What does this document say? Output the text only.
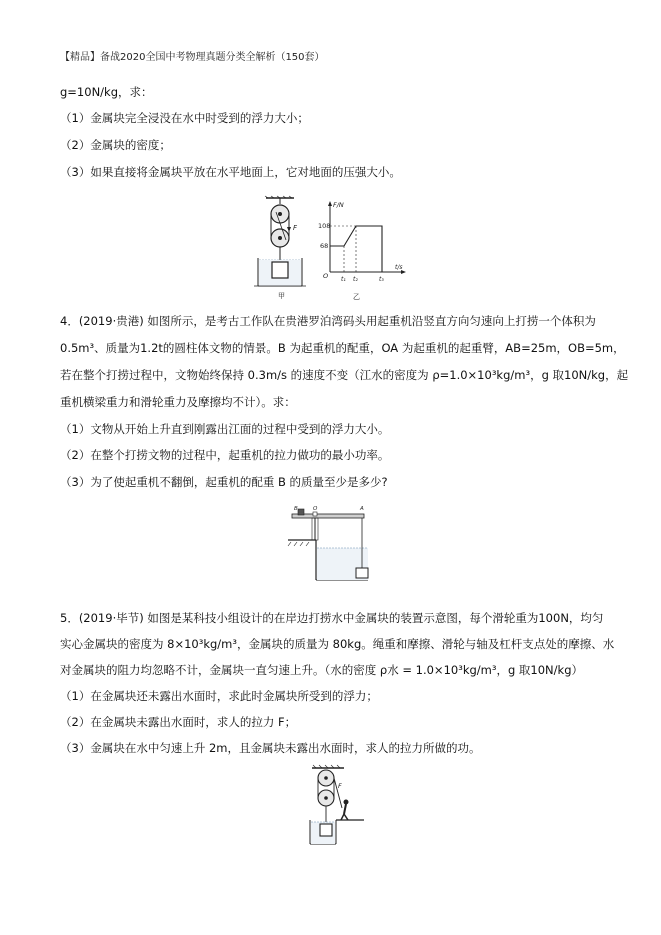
【精品】备战2020全国中考物理真题分类全解析（150套）
g=10N/kg，求：
（1）金属块完全浸没在水中时受到的浮力大小；
（2）金属块的密度；
（3）如果直接将金属块平放在水平地面上，它对地面的压强大小。
F
甲
F/N
t/s
O
108
68
t₁ t₂	t₃
乙
4．(2019·贵港) 如图所示，是考古工作队在贵港罗泊湾码头用起重机沿竖直方向匀速向上打捞一个体积为
0.5m³、质量为1.2t的圆柱体文物的情景。B 为起重机的配重，OA 为起重机的起重臂，AB=25m，OB=5m，
若在整个打捞过程中，文物始终保持 0.3m/s 的速度不变（江水的密度为 ρ=1.0×10³kg/m³，g 取10N/kg，起
重机横梁重力和滑轮重力及摩擦均不计）。求：
（1）文物从开始上升直到刚露出江面的过程中受到的浮力大小。
（2）在整个打捞文物的过程中，起重机的拉力做功的最小功率。
（3）为了使起重机不翻倒，起重机的配重 B 的质量至少是多少?
B	O	A
5．(2019·毕节) 如图是某科技小组设计的在岸边打捞水中金属块的装置示意图，每个滑轮重为100N，均匀
实心金属块的密度为 8×10³kg/m³，金属块的质量为 80kg。绳重和摩擦、滑轮与轴及杠杆支点处的摩擦、水
对金属块的阻力均忽略不计，金属块一直匀速上升。（水的密度 ρ水 = 1.0×10³kg/m³，g 取10N/kg）
（1）在金属块还未露出水面时，求此时金属块所受到的浮力；
（2）在金属块未露出水面时，求人的拉力 F；
（3）金属块在水中匀速上升 2m，且金属块未露出水面时，求人的拉力所做的功。
F
